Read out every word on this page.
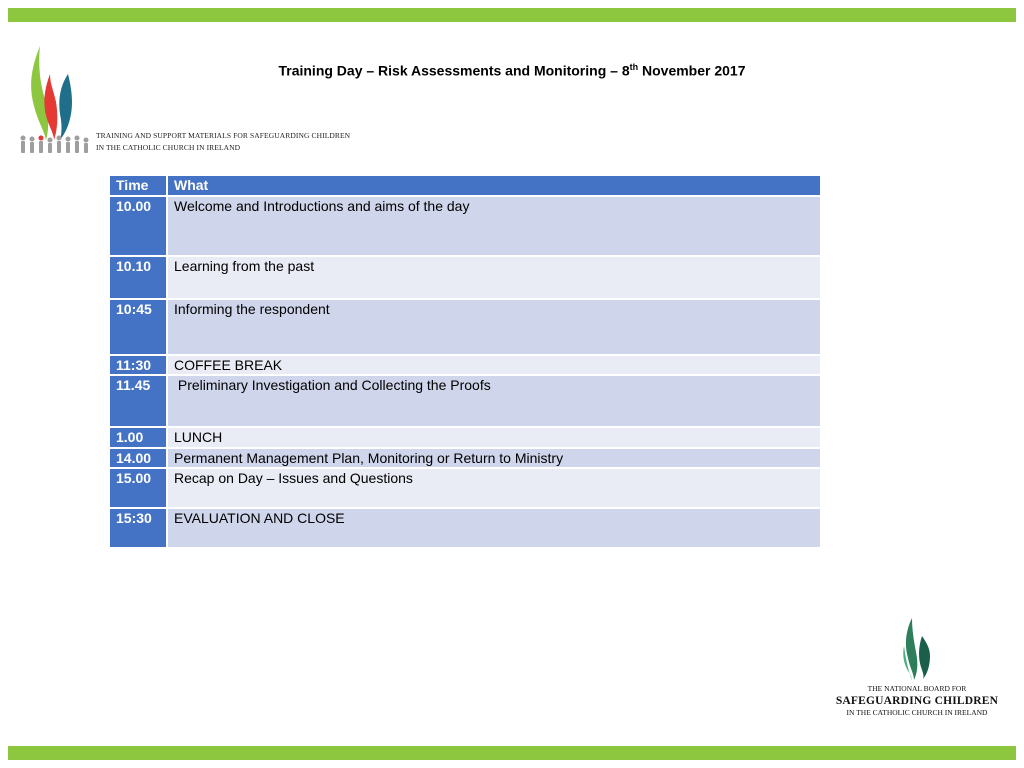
Training Day – Risk Assessments and Monitoring – 8th November 2017
TRAINING AND SUPPORT MATERIALS FOR SAFEGUARDING CHILDREN
IN THE CATHOLIC CHURCH IN IRELAND
Time	What
10.00	Welcome and Introductions and aims of the day
10.10	Learning from the past
10:45	Informing the respondent
11:30	COFFEE BREAK
11.45	Preliminary Investigation and Collecting the Proofs
1.00	LUNCH
14.00	Permanent Management Plan, Monitoring or Return to Ministry
15.00	Recap on Day – Issues and Questions
15:30	EVALUATION AND CLOSE
THE NATIONAL BOARD FOR
SAFEGUARDING CHILDREN
IN THE CATHOLIC CHURCH IN IRELAND
